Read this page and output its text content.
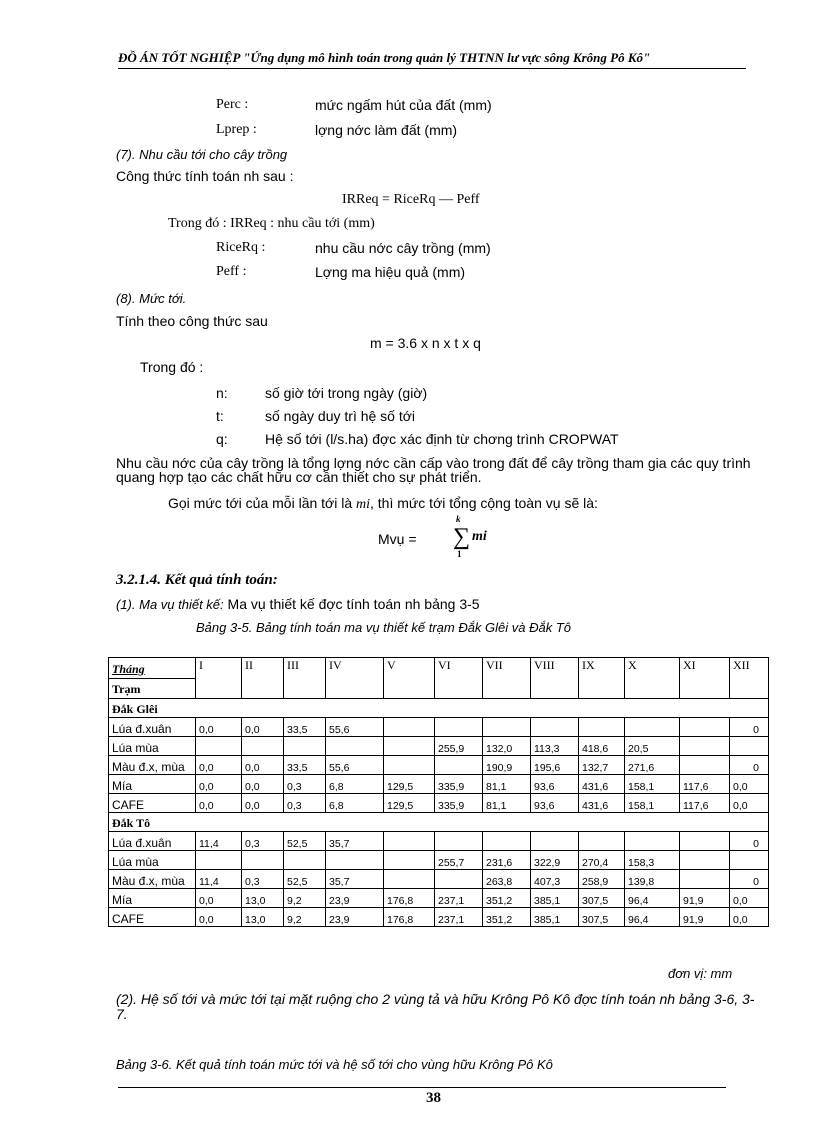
ĐỒ ÁN TỐT NGHIỆP "Ứng dụng mô hình toán trong quản lý THTNN lư vực sông Krông Pô Kô"
Perc :	mức ngấm hút của đất (mm)
Lprep :	lợng nớc làm đất (mm)
(7). Nhu cầu tới cho cây trồng
Công thức tính toán nh sau :
IRReq = RiceRq — Peff
Trong đó : IRReq : nhu cầu tới (mm)
RiceRq :	nhu cầu nớc cây trồng (mm)
Peff :	Lợng ma hiệu quả (mm)
(8). Mức tới.
Tính theo công thức sau
m = 3.6 x n x t x q
Trong đó :
n:	số giờ tới trong ngày (giờ)
t:	số ngày duy trì hệ số tới
q:	Hệ số tới (l/s.ha) đợc xác định từ chơng trình CROPWAT
Nhu cầu nớc của cây trồng là tổng lợng nớc cần cấp vào trong đất để cây trồng tham gia các quy trình quang hợp tạo các chất hữu cơ cần thiết cho sự phát triển.
Gọi mức tới của mỗi lần tới là mi, thì mức tới tổng cộng toàn vụ sẽ là:
Mvụ = ∑
k
1
mi
3.2.1.4. Kết quả tính toán:
(1). Ma vụ thiết kế: Ma vụ thiết kế đợc tính toán nh bảng 3-5
Bảng 3-5. Bảng tính toán ma vụ thiết kế trạm Đắk Glêi và Đắk Tô
Tháng
Trạm	I	II	III	IV	V	VI	VII	VIII	IX	X	XI	XII
Đắk Glêi												
Lúa đ.xuân	0,0	0,0	33,5	55,6								0
Lúa mùa						255,9	132,0	113,3	418,6	20,5		
Màu đ.x, mùa	0,0	0,0	33,5	55,6			190,9	195,6	132,7	271,6		0
Mía	0,0	0,0	0,3	6,8	129,5	335,9	81,1	93,6	431,6	158,1	117,6	0,0
CAFE	0,0	0,0	0,3	6,8	129,5	335,9	81,1	93,6	431,6	158,1	117,6	0,0
Đắk Tô												
Lúa đ.xuân	11,4	0,3	52,5	35,7								0
Lúa mùa						255,7	231,6	322,9	270,4	158,3		
Màu đ.x, mùa	11,4	0,3	52,5	35,7			263,8	407,3	258,9	139,8		0
Mía	0,0	13,0	9,2	23,9	176,8	237,1	351,2	385,1	307,5	96,4	91,9	0,0
CAFE	0,0	13,0	9,2	23,9	176,8	237,1	351,2	385,1	307,5	96,4	91,9	0,0
đơn vị: mm
(2). Hệ số tới và mức tới tại mặt ruộng cho 2 vùng tả và hữu Krông Pô Kô đợc tính toán nh bảng 3-6, 3-7.
Bảng 3-6. Kết quả tính toán mức tới và hệ số tới cho vùng hữu Krông Pô Kô
38
